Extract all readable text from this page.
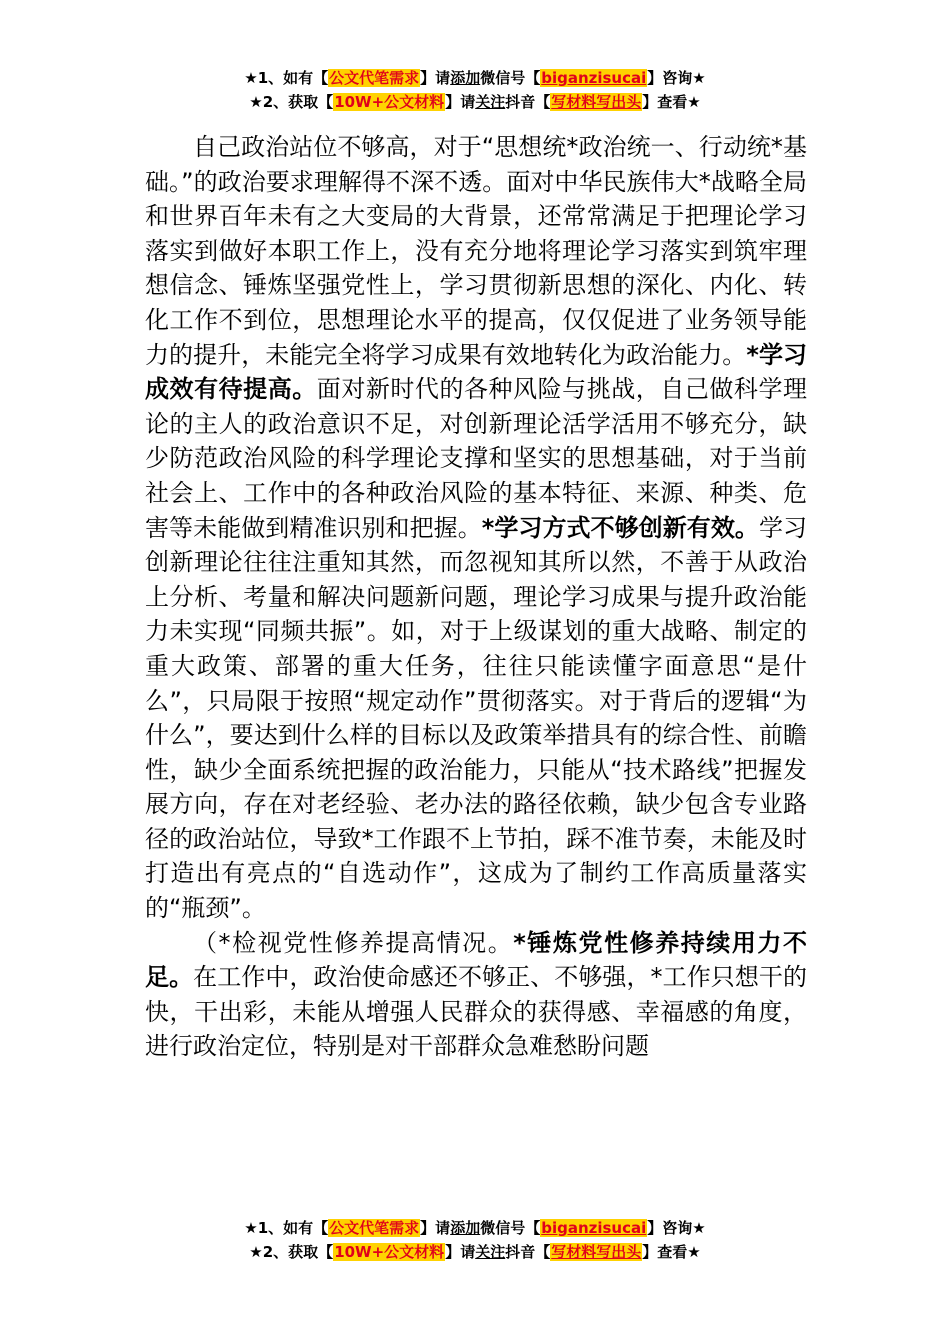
★1、如有【公文代笔需求】请添加微信号【biganzisucai】咨询★
★2、获取【10W+公文材料】请关注抖音【写材料写出头】查看★

自己政治站位不够高，对于“思想统*政治统一、行动统*基础。”的政治要求理解得不深不透。面对中华民族伟大*战略全局和世界百年未有之大变局的大背景，还常常满足于把理论学习落实到做好本职工作上，没有充分地将理论学习落实到筑牢理想信念、锤炼坚强党性上，学习贯彻新思想的深化、内化、转化工作不到位，思想理论水平的提高，仅仅促进了业务领导能力的提升，未能完全将学习成果有效地转化为政治能力。*学习成效有待提高。面对新时代的各种风险与挑战，自己做科学理论的主人的政治意识不足，对创新理论活学活用不够充分，缺少防范政治风险的科学理论支撑和坚实的思想基础，对于当前社会上、工作中的各种政治风险的基本特征、来源、种类、危害等未能做到精准识别和把握。*学习方式不够创新有效。学习创新理论往往注重知其然，而忽视知其所以然，不善于从政治上分析、考量和解决问题新问题，理论学习成果与提升政治能力未实现“同频共振”。如，对于上级谋划的重大战略、制定的重大政策、部署的重大任务，往往只能读懂字面意思“是什么”，只局限于按照“规定动作”贯彻落实。对于背后的逻辑“为什么”，要达到什么样的目标以及政策举措具有的综合性、前瞻性，缺少全面系统把握的政治能力，只能从“技术路线”把握发展方向，存在对老经验、老办法的路径依赖，缺少包含专业路径的政治站位，导致*工作跟不上节拍，踩不准节奏，未能及时打造出有亮点的“自选动作”，这成为了制约工作高质量落实的“瓶颈”。

（*检视党性修养提高情况。*锤炼党性修养持续用力不足。在工作中，政治使命感还不够正、不够强，*工作只想干的快，干出彩，未能从增强人民群众的获得感、幸福感的角度，进行政治定位，特别是对干部群众急难愁盼问题

★1、如有【公文代笔需求】请添加微信号【biganzisucai】咨询★
★2、获取【10W+公文材料】请关注抖音【写材料写出头】查看★
